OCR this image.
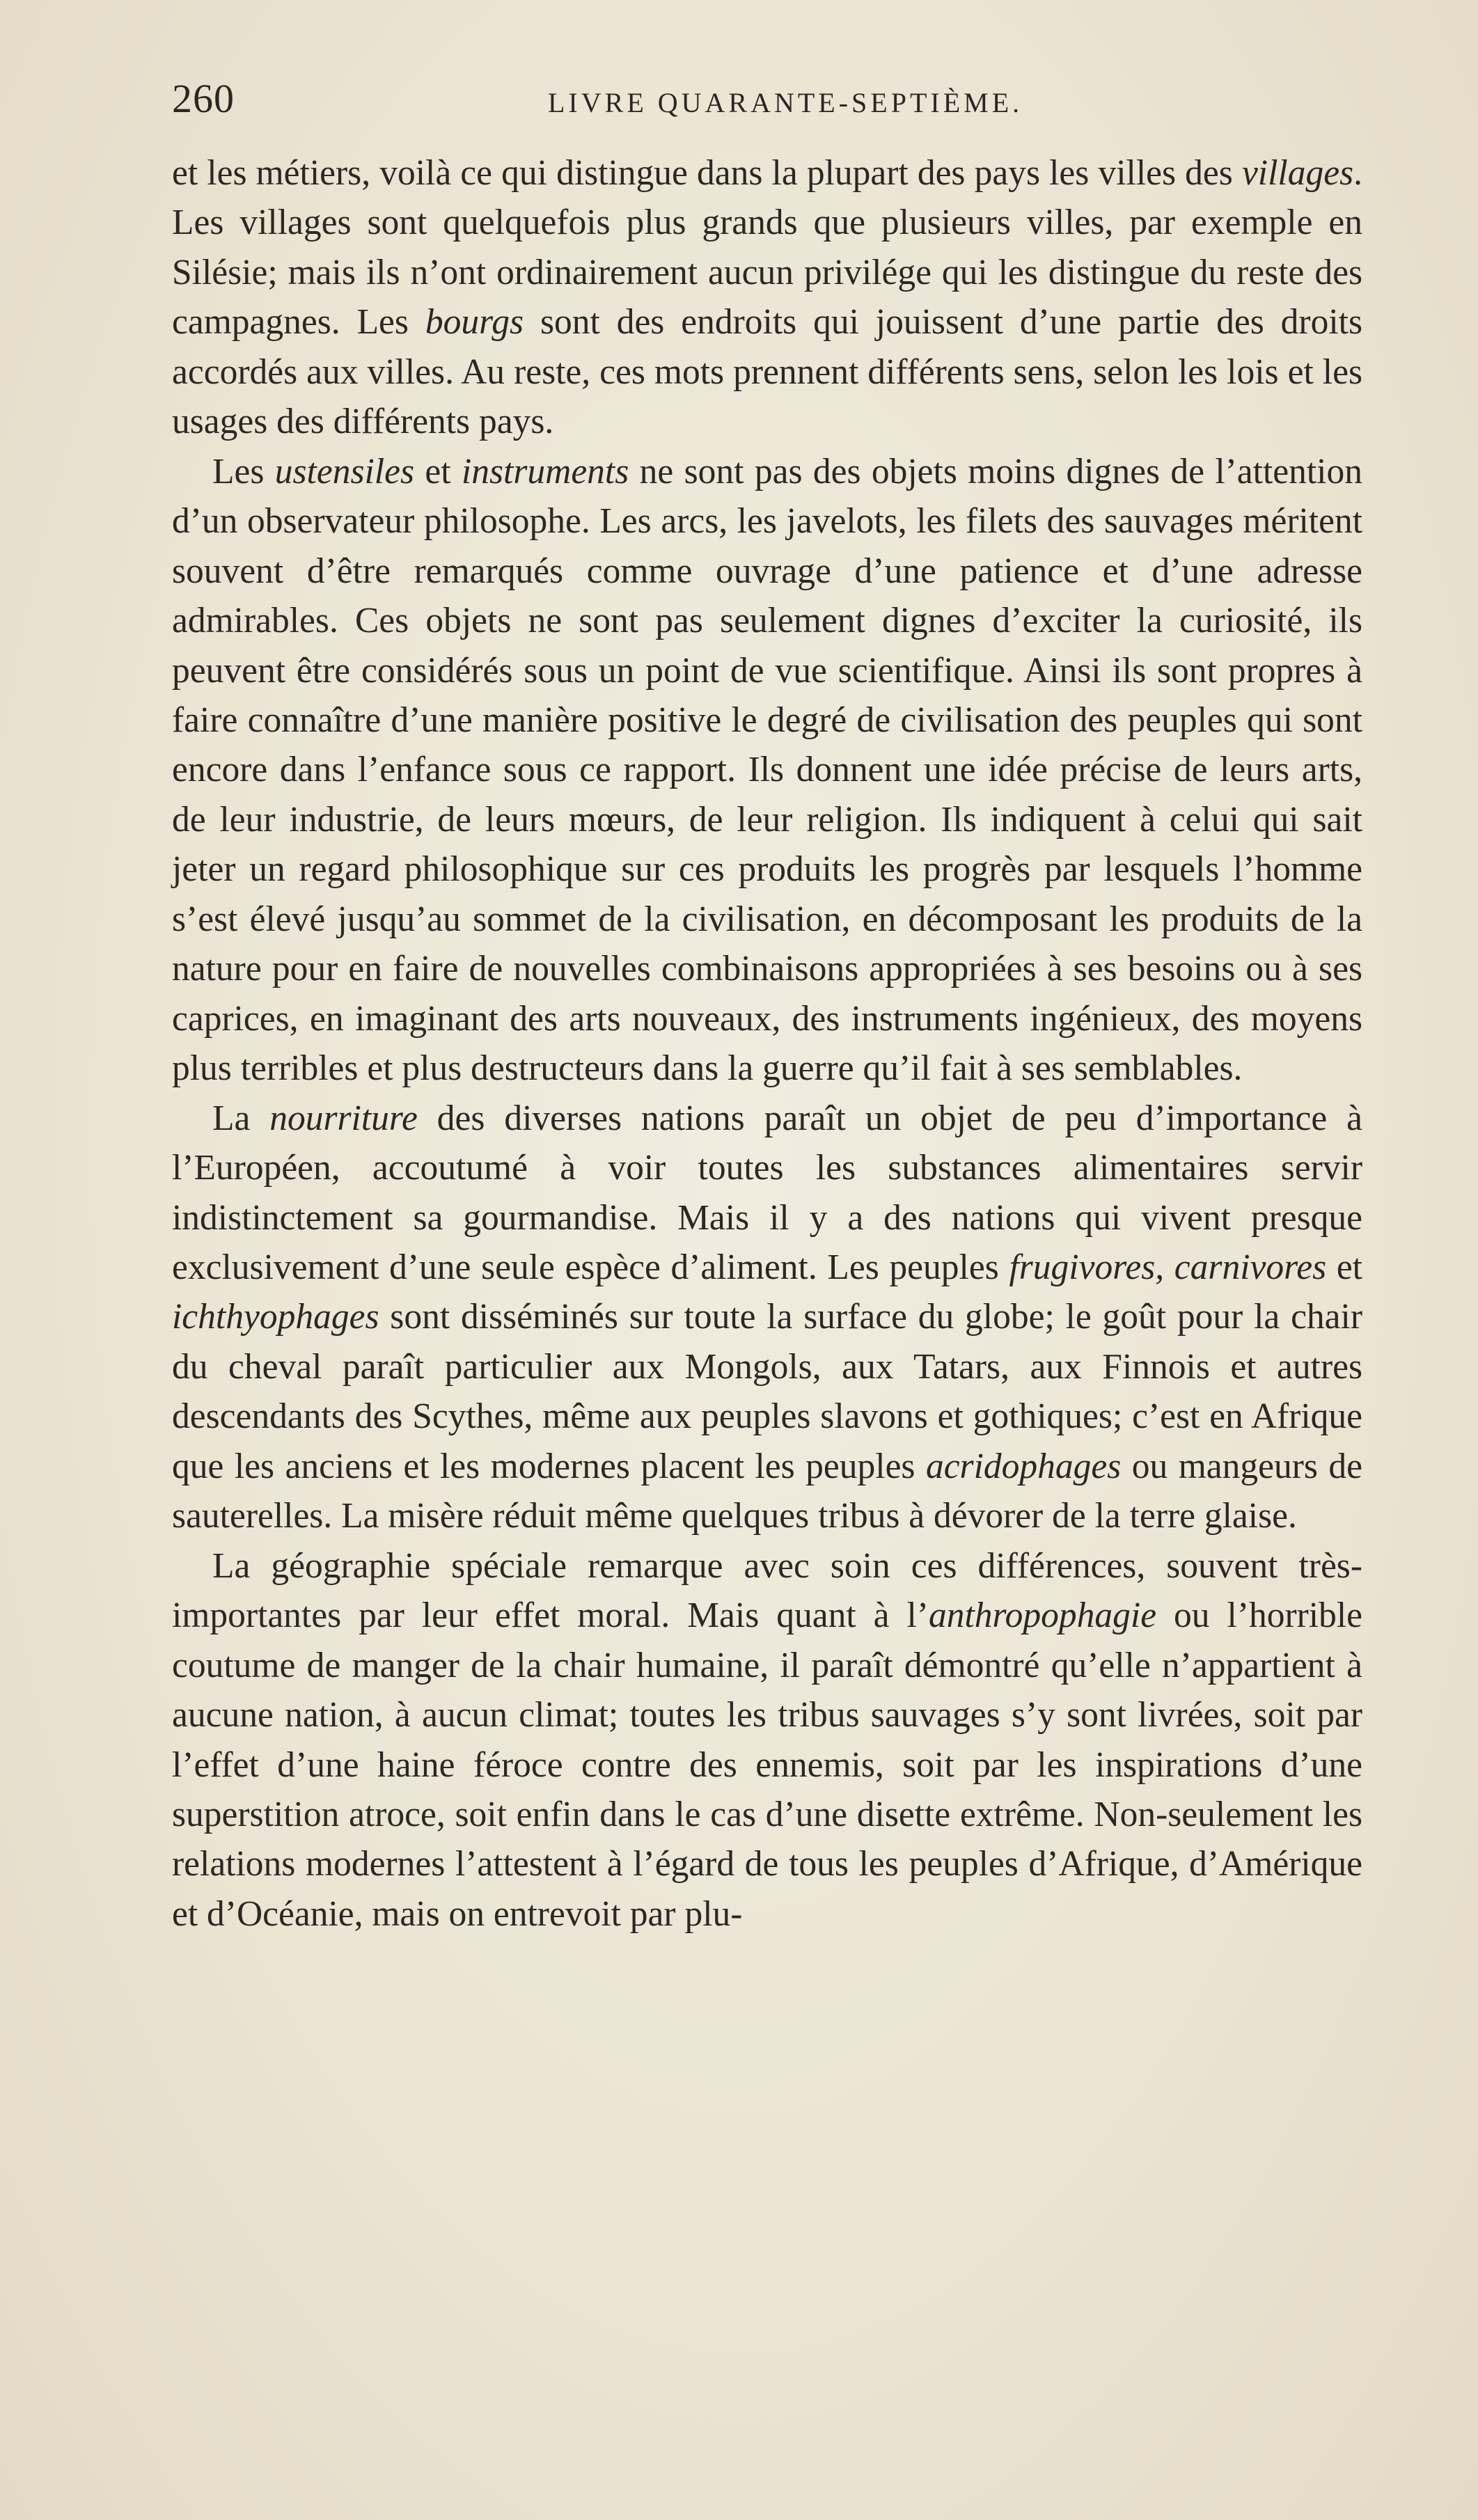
260	LIVRE QUARANTE-SEPTIÈME.

et les métiers, voilà ce qui distingue dans la plupart des pays les villes des villages. Les villages sont quelquefois plus grands que plusieurs villes, par exemple en Silésie; mais ils n’ont ordinairement aucun privilége qui les distingue du reste des campagnes. Les bourgs sont des endroits qui jouissent d’une partie des droits accordés aux villes. Au reste, ces mots prennent différents sens, selon les lois et les usages des différents pays.

Les ustensiles et instruments ne sont pas des objets moins dignes de l’attention d’un observateur philosophe. Les arcs, les javelots, les filets des sauvages méritent souvent d’être remarqués comme ouvrage d’une patience et d’une adresse admirables. Ces objets ne sont pas seulement dignes d’exciter la curiosité, ils peuvent être considérés sous un point de vue scientifique. Ainsi ils sont propres à faire connaître d’une manière positive le degré de civilisation des peuples qui sont encore dans l’enfance sous ce rapport. Ils donnent une idée précise de leurs arts, de leur industrie, de leurs mœurs, de leur religion. Ils indiquent à celui qui sait jeter un regard philosophique sur ces produits les progrès par lesquels l’homme s’est élevé jusqu’au sommet de la civilisation, en décomposant les produits de la nature pour en faire de nouvelles combinaisons appropriées à ses besoins ou à ses caprices, en imaginant des arts nouveaux, des instruments ingénieux, des moyens plus terribles et plus destructeurs dans la guerre qu’il fait à ses semblables.

La nourriture des diverses nations paraît un objet de peu d’importance à l’Européen, accoutumé à voir toutes les substances alimentaires servir indistinctement sa gourmandise. Mais il y a des nations qui vivent presque exclusivement d’une seule espèce d’aliment. Les peuples frugivores, carnivores et ichthyophages sont disséminés sur toute la surface du globe; le goût pour la chair du cheval paraît particulier aux Mongols, aux Tatars, aux Finnois et autres descendants des Scythes, même aux peuples slavons et gothiques; c’est en Afrique que les anciens et les modernes placent les peuples acridophages ou mangeurs de sauterelles. La misère réduit même quelques tribus à dévorer de la terre glaise.

La géographie spéciale remarque avec soin ces différences, souvent très-importantes par leur effet moral. Mais quant à l’anthropophagie ou l’horrible coutume de manger de la chair humaine, il paraît démontré qu’elle n’appartient à aucune nation, à aucun climat; toutes les tribus sauvages s’y sont livrées, soit par l’effet d’une haine féroce contre des ennemis, soit par les inspirations d’une superstition atroce, soit enfin dans le cas d’une disette extrême. Non-seulement les relations modernes l’attestent à l’égard de tous les peuples d’Afrique, d’Amérique et d’Océanie, mais on entrevoit par plu-
